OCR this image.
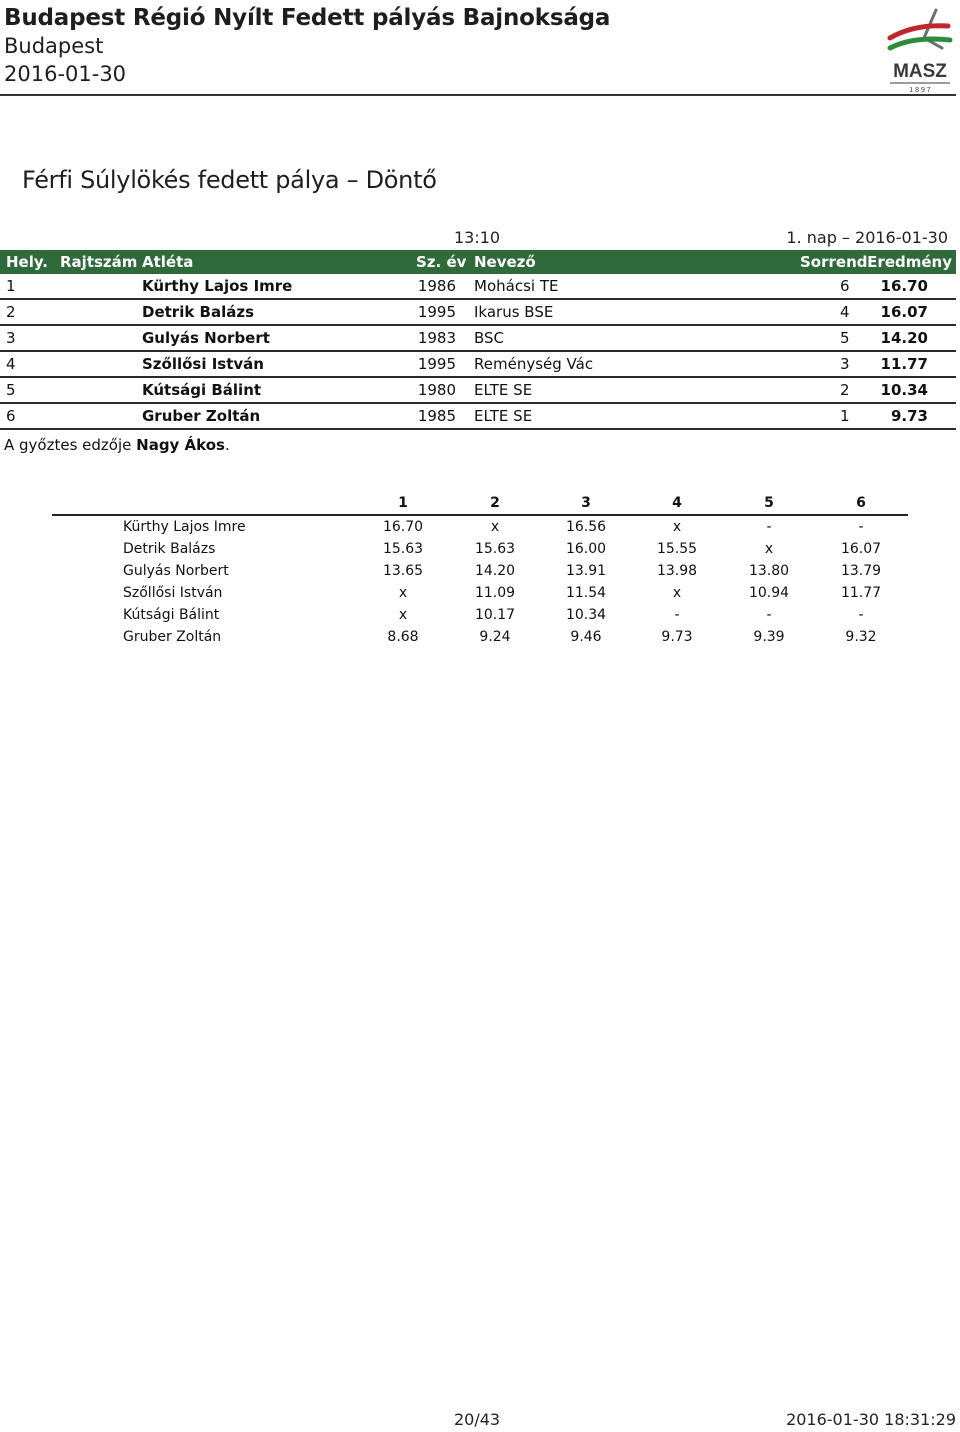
Budapest Régió Nyílt Fedett pályás Bajnoksága
Budapest
2016-01-30	MASZ
1 8 9 7
Férfi Súlylökés fedett pálya – Döntő
13:10	1. nap – 2016-01-30
Hely. Rajtszám Atléta	Sz. év Nevező	Sorrend Eredmény
1	Kürthy Lajos Imre	1986 Mohácsi TE	6 16.70
2	Detrik Balázs	1995 Ikarus BSE	4 16.07
3	Gulyás Norbert	1983 BSC	5 14.20
4	Szőllősi István	1995 Reménység Vác	3 11.77
5	Kútsági Bálint	1980 ELTE SE	2 10.34
6	Gruber Zoltán	1985 ELTE SE	1	9.73
A győztes edzője Nagy Ákos.
1	2	3	4	5	6
Kürthy Lajos Imre	16.70	x	16.56	x	-	-
Detrik Balázs	15.63	15.63	16.00	15.55	x	16.07
Gulyás Norbert	13.65	14.20	13.91	13.98	13.80	13.79
Szőllősi István	x	11.09	11.54	x	10.94	11.77
Kútsági Bálint	x	10.17	10.34	-	-	-
Gruber Zoltán	8.68	9.24	9.46	9.73	9.39	9.32
20/43	2016-01-30 18:31:29
